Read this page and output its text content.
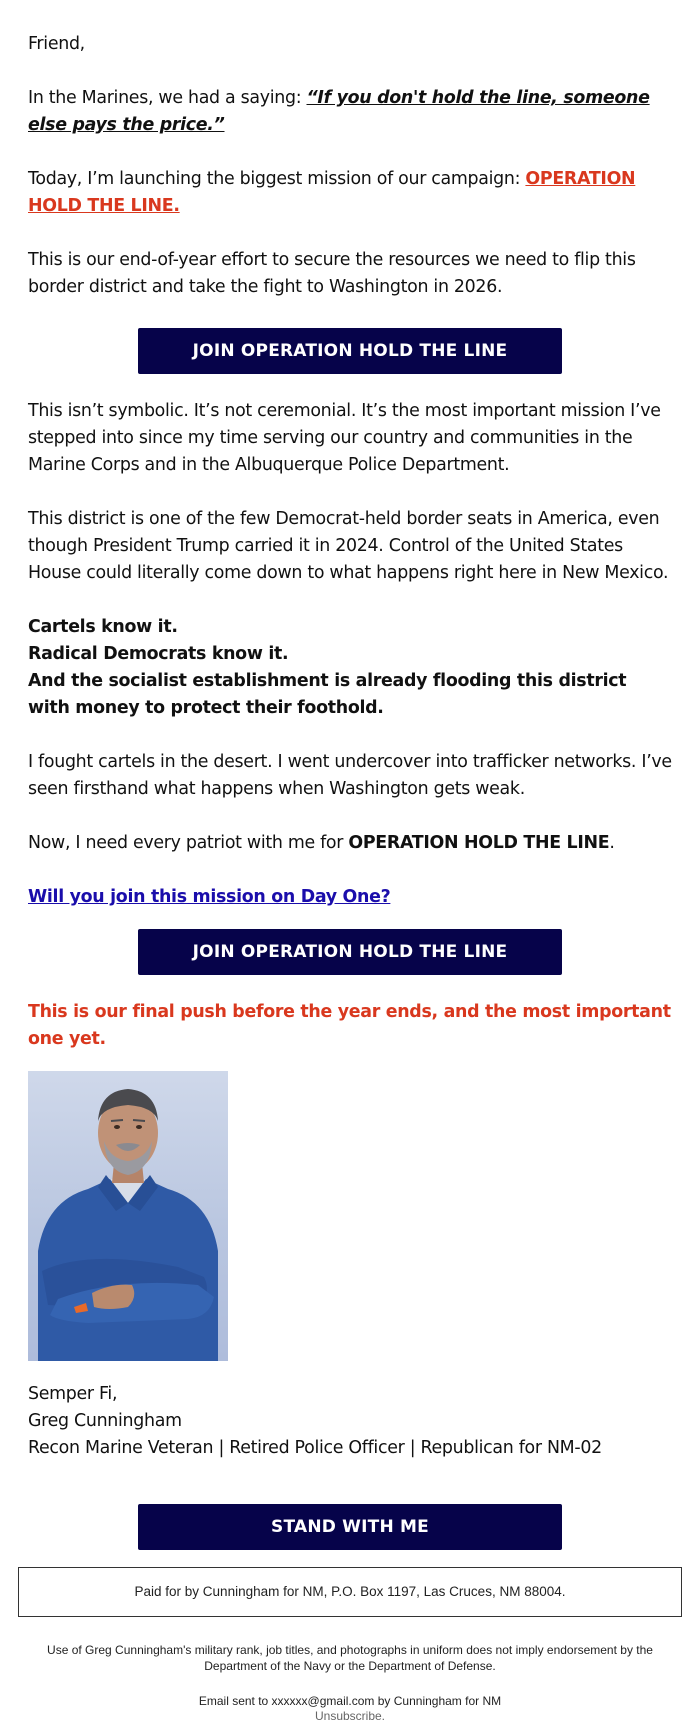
Friend,

In the Marines, we had a saying: “If you don't hold the line, someone else pays the price.”

Today, I’m launching the biggest mission of our campaign: OPERATION HOLD THE LINE.

This is our end-of-year effort to secure the resources we need to flip this border district and take the fight to Washington in 2026.

JOIN OPERATION HOLD THE LINE

This isn’t symbolic. It’s not ceremonial. It’s the most important mission I’ve stepped into since my time serving our country and communities in the Marine Corps and in the Albuquerque Police Department.

This district is one of the few Democrat-held border seats in America, even though President Trump carried it in 2024. Control of the United States House could literally come down to what happens right here in New Mexico.

Cartels know it.
Radical Democrats know it.
And the socialist establishment is already flooding this district with money to protect their foothold.

I fought cartels in the desert. I went undercover into trafficker networks. I’ve seen firsthand what happens when Washington gets weak.

Now, I need every patriot with me for OPERATION HOLD THE LINE.

Will you join this mission on Day One?

JOIN OPERATION HOLD THE LINE

This is our final push before the year ends, and the most important one yet.

Semper Fi,

Greg Cunningham

Recon Marine Veteran | Retired Police Officer | Republican for NM-02

STAND WITH ME
Paid for by Cunningham for NM, P.O. Box 1197, Las Cruces, NM 88004.
Use of Greg Cunningham's military rank, job titles, and photographs in uniform does not imply endorsement by the Department of the Navy or the Department of Defense.
Email sent to xxxxxx@gmail.com by Cunningham for NM
Unsubscribe.
